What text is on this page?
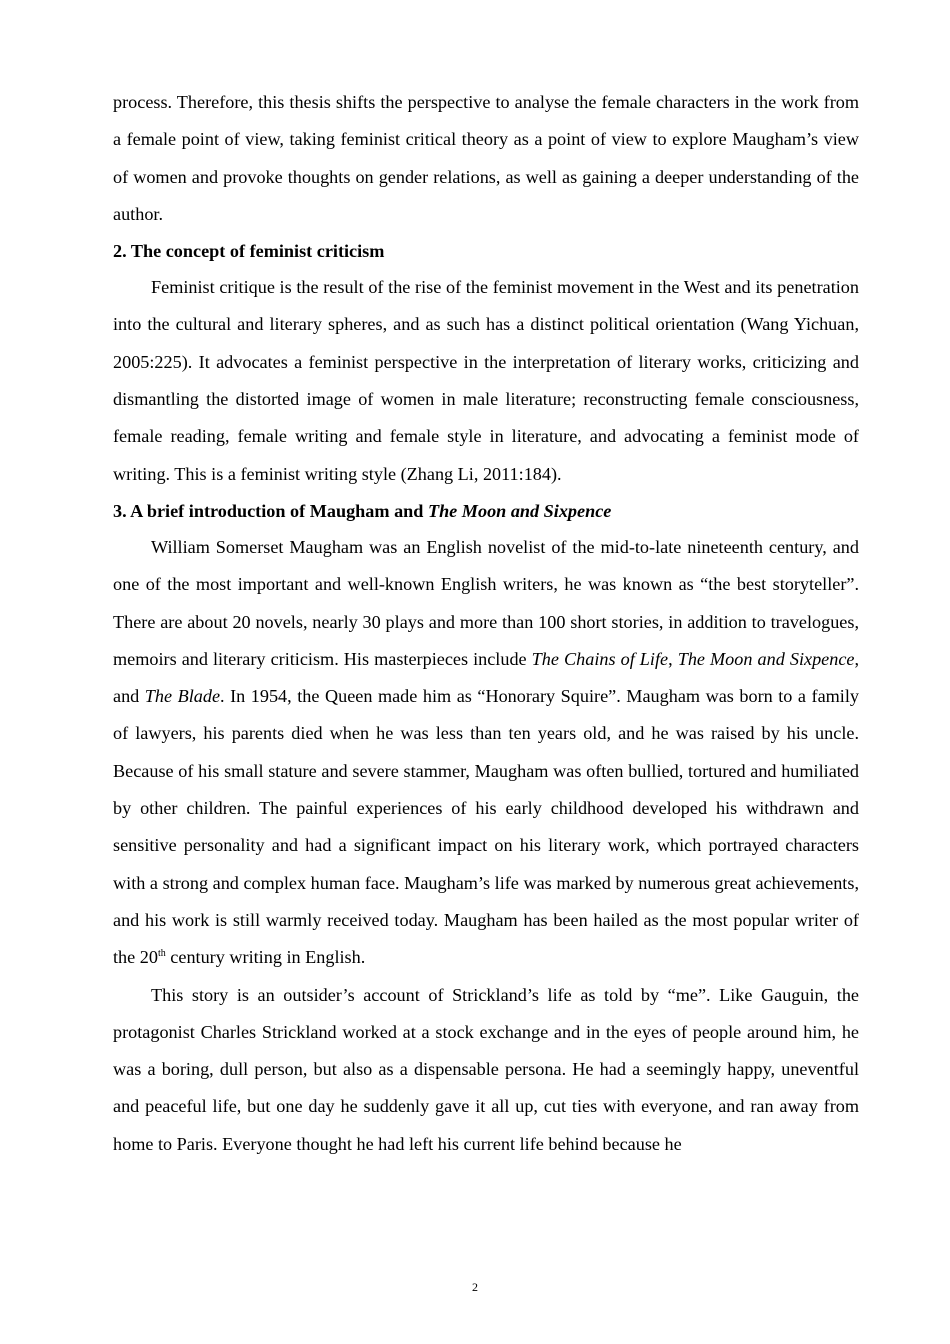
process. Therefore, this thesis shifts the perspective to analyse the female characters in the work from a female point of view, taking feminist critical theory as a point of view to explore Maugham’s view of women and provoke thoughts on gender relations, as well as gaining a deeper understanding of the author.

2. The concept of feminist criticism

Feminist critique is the result of the rise of the feminist movement in the West and its penetration into the cultural and literary spheres, and as such has a distinct political orientation (Wang Yichuan, 2005:225). It advocates a feminist perspective in the interpretation of literary works, criticizing and dismantling the distorted image of women in male literature; reconstructing female consciousness, female reading, female writing and female style in literature, and advocating a feminist mode of writing. This is a feminist writing style (Zhang Li, 2011:184).

3. A brief introduction of Maugham and The Moon and Sixpence

William Somerset Maugham was an English novelist of the mid-to-late nineteenth century, and one of the most important and well-known English writers, he was known as “the best storyteller”. There are about 20 novels, nearly 30 plays and more than 100 short stories, in addition to travelogues, memoirs and literary criticism. His masterpieces include The Chains of Life, The Moon and Sixpence, and The Blade. In 1954, the Queen made him as “Honorary Squire”. Maugham was born to a family of lawyers, his parents died when he was less than ten years old, and he was raised by his uncle. Because of his small stature and severe stammer, Maugham was often bullied, tortured and humiliated by other children. The painful experiences of his early childhood developed his withdrawn and sensitive personality and had a significant impact on his literary work, which portrayed characters with a strong and complex human face. Maugham’s life was marked by numerous great achievements, and his work is still warmly received today. Maugham has been hailed as the most popular writer of the 20th century writing in English.

This story is an outsider’s account of Strickland’s life as told by “me”. Like Gauguin, the protagonist Charles Strickland worked at a stock exchange and in the eyes of people around him, he was a boring, dull person, but also as a dispensable persona. He had a seemingly happy, uneventful and peaceful life, but one day he suddenly gave it all up, cut ties with everyone, and ran away from home to Paris. Everyone thought he had left his current life behind because he

2
